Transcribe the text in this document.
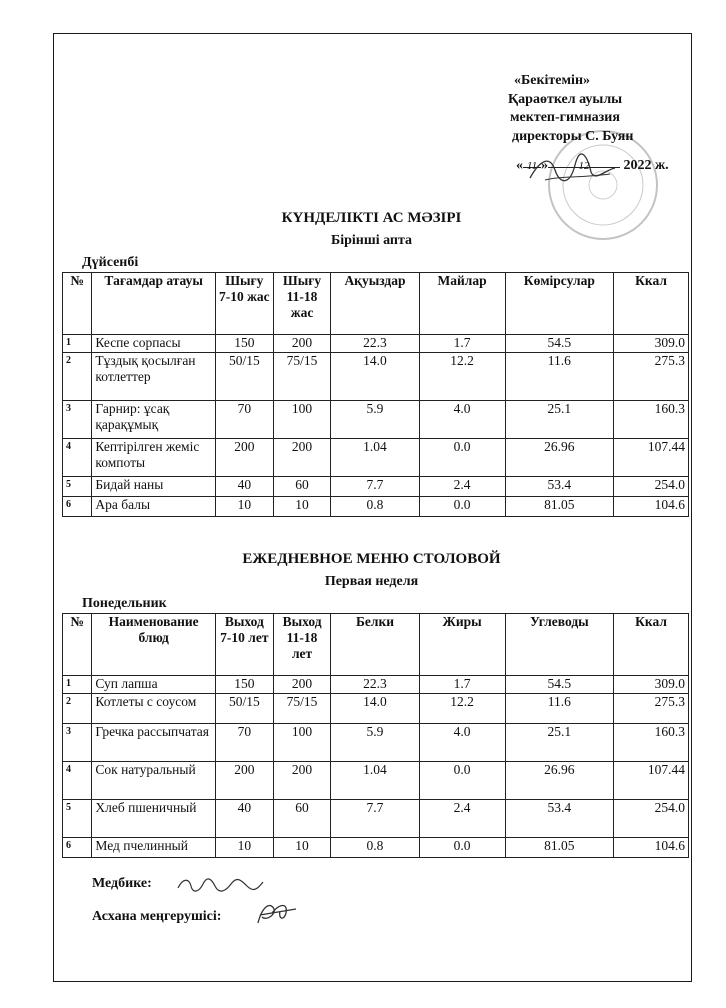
«Бекітемін»
Қараөткел ауылы
мектеп-гимназия
директоры С. Буян
« 11 »	12 2022 ж.
КҮНДЕЛІКТІ АС МӘЗІРІ
Бірінші апта
Дүйсенбі
№	Тағамдар атауы	Шығу 7-10 жас	Шығу 11-18 жас	Ақуыздар	Майлар	Көмірсулар	Ккал
1	Кеспе сорпасы	150	200	22.3	1.7	54.5	309.0
2	Тұздық қосылған котлеттер	50/15	75/15	14.0	12.2	11.6	275.3
3	Гарнир: ұсақ қарақұмық	70	100	5.9	4.0	25.1	160.3
4	Кептірілген жеміс компоты	200	200	1.04	0.0	26.96	107.44
5	Бидай наны	40	60	7.7	2.4	53.4	254.0
6	Ара балы	10	10	0.8	0.0	81.05	104.6
ЕЖЕДНЕВНОЕ МЕНЮ СТОЛОВОЙ
Первая неделя
Понедельник
№	Наименование блюд	Выход 7-10 лет	Выход 11-18 лет	Белки	Жиры	Углеводы	Ккал
1	Суп лапша	150	200	22.3	1.7	54.5	309.0
2	Котлеты с соусом	50/15	75/15	14.0	12.2	11.6	275.3
3	Гречка рассыпчатая	70	100	5.9	4.0	25.1	160.3
4	Сок натуральный	200	200	1.04	0.0	26.96	107.44
5	Хлеб пшеничный	40	60	7.7	2.4	53.4	254.0
6	Мед пчелинный	10	10	0.8	0.0	81.05	104.6
Медбике:
Асхана меңгерушісі:
